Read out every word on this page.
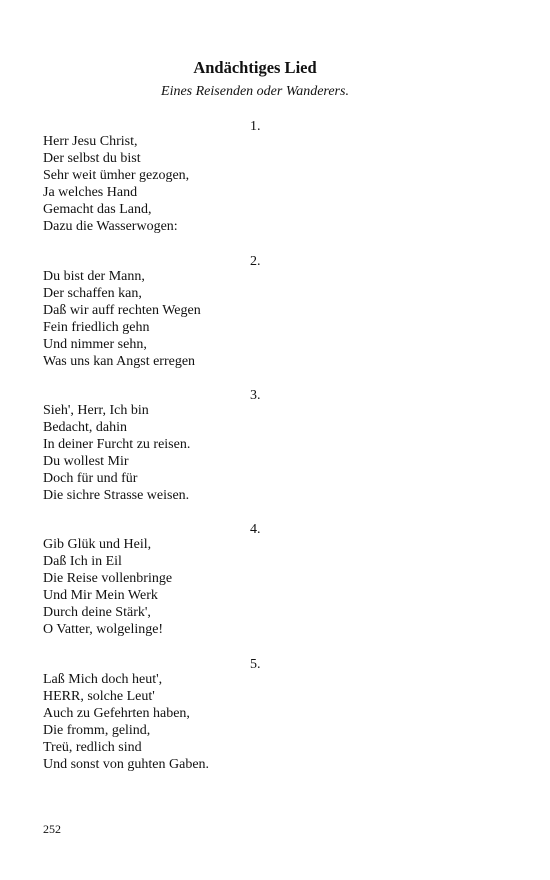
Andächtiges Lied
Eines Reisenden oder Wanderers.
1.
Herr Jesu Christ,
Der selbst du bist
Sehr weit ümher gezogen,
Ja welches Hand
Gemacht das Land,
Dazu die Wasserwogen:
2.
Du bist der Mann,
Der schaffen kan,
Daß wir auff rechten Wegen
Fein friedlich gehn
Und nimmer sehn,
Was uns kan Angst erregen
3.
Sieh', Herr, Ich bin
Bedacht, dahin
In deiner Furcht zu reisen.
Du wollest Mir
Doch für und für
Die sichre Strasse weisen.
4.
Gib Glük und Heil,
Daß Ich in Eil
Die Reise vollenbringe
Und Mir Mein Werk
Durch deine Stärk',
O Vatter, wolgelinge!
5.
Laß Mich doch heut',
HERR, solche Leut'
Auch zu Gefehrten haben,
Die fromm, gelind,
Treü, redlich sind
Und sonst von guhten Gaben.
252
